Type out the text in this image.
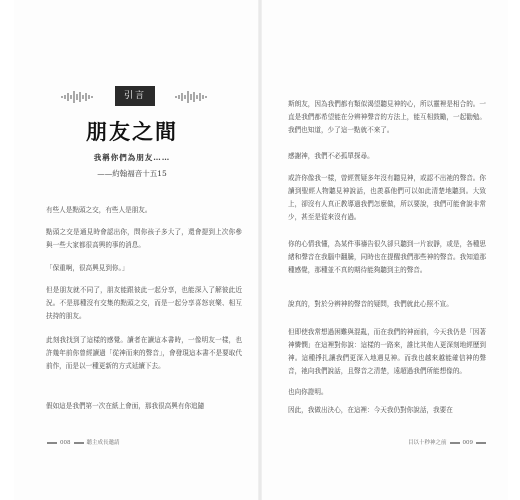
引言
朋友之間
我稱你們為朋友……
——約翰福音十五15

有些人是點頭之交，有些人是朋友。

點頭之交是通見時會認出你，問你孩子多大了，還會提到上次你參與一些大家都很高興的事的消息。

「保重啊，很高興見到你。」

但是朋友就不同了，朋友能跟彼此一起分享，也能深入了解彼此近況。不是那種沒有交集的點頭之交，而是一起分享喜怒哀樂、相互扶持的朋友。

此刻我找到了這樣的感覺。讀者在讀這本書時，一像明友一樣，也許幾年前你曾經讀過「從神而來的聲音」，會發現這本書不是要取代前作，而是以一種更新的方式延續下去。

假如這是我們第一次在紙上會面，那我很高興有你追隨

斯朗友，因為我們都有類似渴望聽見神的心，所以靈裡是相合的。一直是我們都希望能在分辨神聲音的方法上，能互相鼓勵，一起勸勉。我們也知道，少了這一點就不來了。

感謝神，我們不必孤單探尋。

或許你像我一樣，曾經質疑多年沒有聽見神，或認不出祂的聲音。你讀到聖經人物聽見神說話，也羨慕他們可以如此清楚地聽到。大致上，卻沒有人真正教導過我們怎麼做，所以要說，我們可能會說非常少，甚至是從來沒有過。

你的心情我懂，為某件事禱告很久卻只聽到一片寂靜，或是，各種思緒和聲音在我腦中翻騰，同時也在提醒我們那些神的聲音。我知道那種感覺，那種並不真的期待能夠聽到主的聲音。

說真的，對於分辨神的聲音的疑問，我們就此心照不宣。

但即使我常想過困難與混亂，而在我們的神面前，今天我仍是「因著神憐憫」在這裡對你說：這樣的一路來，誰比其他人更深刻地經歷到神。這種掙扎讓我們更深入地遇見神。而我也越來越能確信神的聲音，祂向我們說話，且聲音之清楚，遠超過我們所能想像的。

也向你證明。

因此，我做出決心，在這裡：今天我仍對你說話，我要在

008	聽主成長邀請	目以十秒神之前	009
